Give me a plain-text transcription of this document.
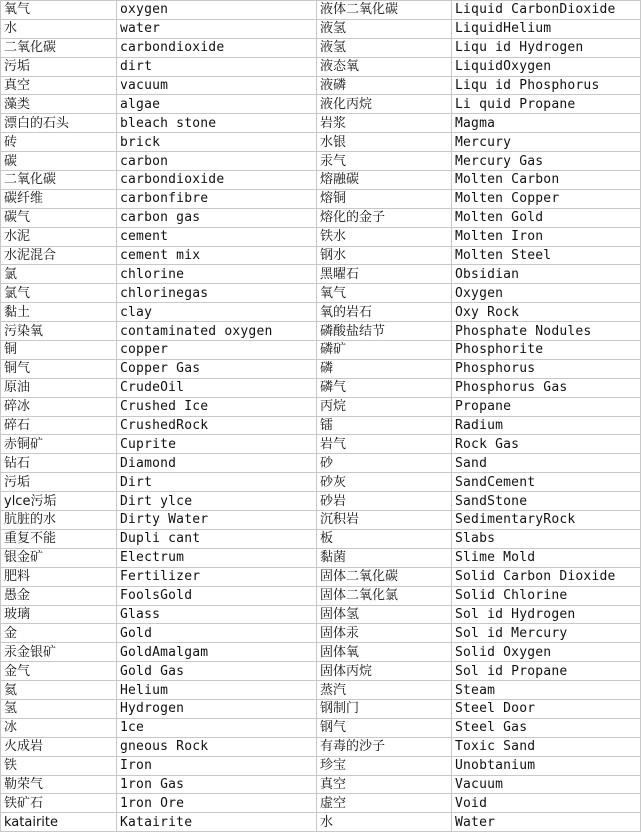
氧气	oxygen	液体二氧化碳	Liquid CarbonDioxide
水	water	液氢	LiquidHelium
二氧化碳	carbondioxide	液氢	Liqu id Hydrogen
污垢	dirt	液态氧	LiquidOxygen
真空	vacuum	液磷	Liqu id Phosphorus
藻类	algae	液化丙烷	Li quid Propane
漂白的石头	bleach stone	岩浆	Magma
砖	brick	水银	Mercury
碳	carbon	汞气	Mercury Gas
二氧化碳	carbondioxide	熔融碳	Molten Carbon
碳纤维	carbonfibre	熔铜	Molten Copper
碳气	carbon gas	熔化的金子	Molten Gold
水泥	cement	铁水	Molten Iron
水泥混合	cement mix	钢水	Molten Steel
氯	chlorine	黑曜石	Obsidian
氯气	chlorinegas	氧气	Oxygen
黏土	clay	氧的岩石	Oxy Rock
污染氧	contaminated oxygen	磷酸盐结节	Phosphate Nodules
铜	copper	磷矿	Phosphorite
铜气	Copper Gas	磷	Phosphorus
原油	CrudeOil	磷气	Phosphorus Gas
碎冰	Crushed Ice	丙烷	Propane
碎石	CrushedRock	镭	Radium
赤铜矿	Cuprite	岩气	Rock Gas
钻石	Diamond	砂	Sand
污垢	Dirt	砂灰	SandCement
ylce污垢	Dirt ylce	砂岩	SandStone
肮脏的水	Dirty Water	沉积岩	SedimentaryRock
重复不能	Dupli cant	板	Slabs
银金矿	Electrum	黏菌	Slime Mold
肥料	Fertilizer	固体二氧化碳	Solid Carbon Dioxide
愚金	FoolsGold	固体二氧化氯	Solid Chlorine
玻璃	Glass	固体氢	Sol id Hydrogen
金	Gold	固体汞	Sol id Mercury
汞金银矿	GoldAmalgam	固体氧	Solid Oxygen
金气	Gold Gas	固体丙烷	Sol id Propane
氦	Helium	蒸汽	Steam
氢	Hydrogen	钢制门	Steel Door
冰	1ce	钢气	Steel Gas
火成岩	gneous Rock	有毒的沙子	Toxic Sand
铁	Iron	珍宝	Unobtanium
勒荣气	1ron Gas	真空	Vacuum
铁矿石	1ron Ore	虚空	Void
katairite	Katairite	水	Water
